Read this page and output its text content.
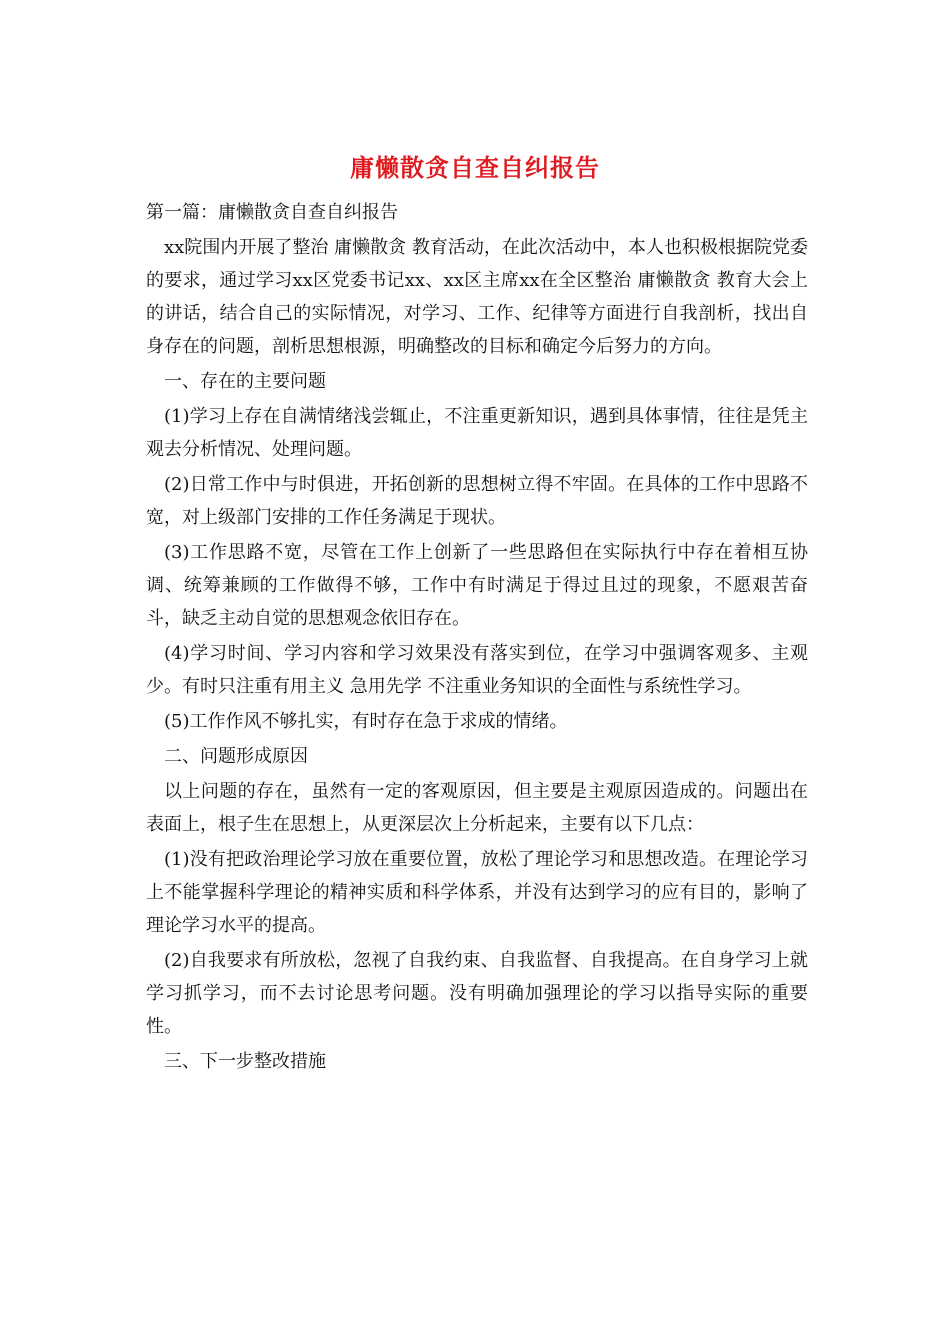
庸懒散贪自查自纠报告

第一篇：庸懒散贪自查自纠报告

xx院围内开展了整治 庸懒散贪 教育活动，在此次活动中，本人也积极根据院党委的要求，通过学习xx区党委书记xx、xx区主席xx在全区整治 庸懒散贪 教育大会上的讲话，结合自己的实际情况，对学习、工作、纪律等方面进行自我剖析，找出自身存在的问题，剖析思想根源，明确整改的目标和确定今后努力的方向。

一、存在的主要问题

(1)学习上存在自满情绪浅尝辄止，不注重更新知识，遇到具体事情，往往是凭主观去分析情况、处理问题。

(2)日常工作中与时俱进，开拓创新的思想树立得不牢固。在具体的工作中思路不宽，对上级部门安排的工作任务满足于现状。

(3)工作思路不宽，尽管在工作上创新了一些思路但在实际执行中存在着相互协调、统筹兼顾的工作做得不够，工作中有时满足于得过且过的现象，不愿艰苦奋斗，缺乏主动自觉的思想观念依旧存在。

(4)学习时间、学习内容和学习效果没有落实到位，在学习中强调客观多、主观少。有时只注重有用主义 急用先学 不注重业务知识的全面性与系统性学习。

(5)工作作风不够扎实，有时存在急于求成的情绪。

二、问题形成原因

以上问题的存在，虽然有一定的客观原因，但主要是主观原因造成的。问题出在表面上，根子生在思想上，从更深层次上分析起来，主要有以下几点：

(1)没有把政治理论学习放在重要位置，放松了理论学习和思想改造。在理论学习上不能掌握科学理论的精神实质和科学体系，并没有达到学习的应有目的，影响了理论学习水平的提高。

(2)自我要求有所放松，忽视了自我约束、自我监督、自我提高。在自身学习上就学习抓学习，而不去讨论思考问题。没有明确加强理论的学习以指导实际的重要性。

三、下一步整改措施
